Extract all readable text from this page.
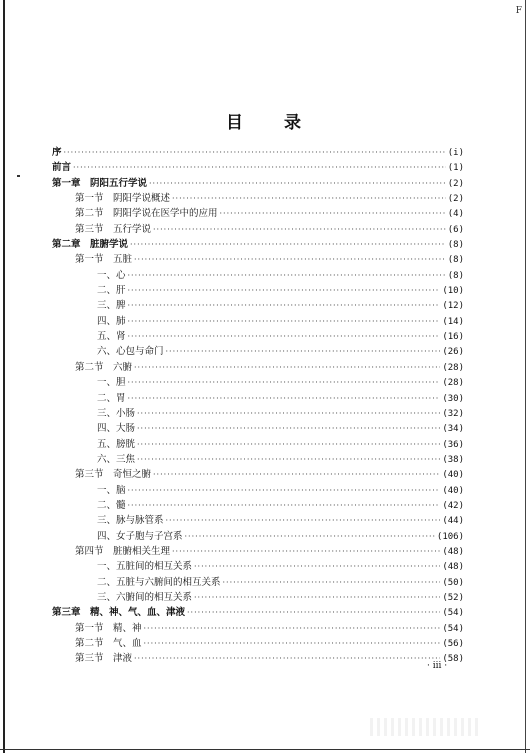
F
目 录
序 ·····	(i)
前言 ·····	(1)
第一章　阴阳五行学说 ·····	(2)
第一节　阴阳学说概述 ·····	(2)
第二节　阴阳学说在医学中的应用 ·····	(4)
第三节　五行学说 ·····	(6)
第二章　脏腑学说 ·····	(8)
第一节　五脏 ·····	(8)
一、心 ·····	(8)
二、肝 ·····	(10)
三、脾 ·····	(12)
四、肺 ·····	(14)
五、肾 ·····	(16)
六、心包与命门 ·····	(26)
第二节　六腑 ·····	(28)
一、胆 ·····	(28)
二、胃 ·····	(30)
三、小肠 ·····	(32)
四、大肠 ·····	(34)
五、膀胱 ·····	(36)
六、三焦 ·····	(38)
第三节　奇恒之腑 ·····	(40)
一、脑 ·····	(40)
二、髓 ·····	(42)
三、脉与脉管系 ·····	(44)
四、女子胞与子宫系 ·····	(106)
第四节　脏腑相关生理 ·····	(48)
一、五脏间的相互关系 ·····	(48)
二、五脏与六腑间的相互关系 ·····	(50)
三、六腑间的相互关系 ·····	(52)
第三章　精、神、气、血、津液 ·····	(54)
第一节　精、神 ·····	(54)
第二节　气、血 ·····	(56)
第三节　津液 ·····	(58)
· iii ·
